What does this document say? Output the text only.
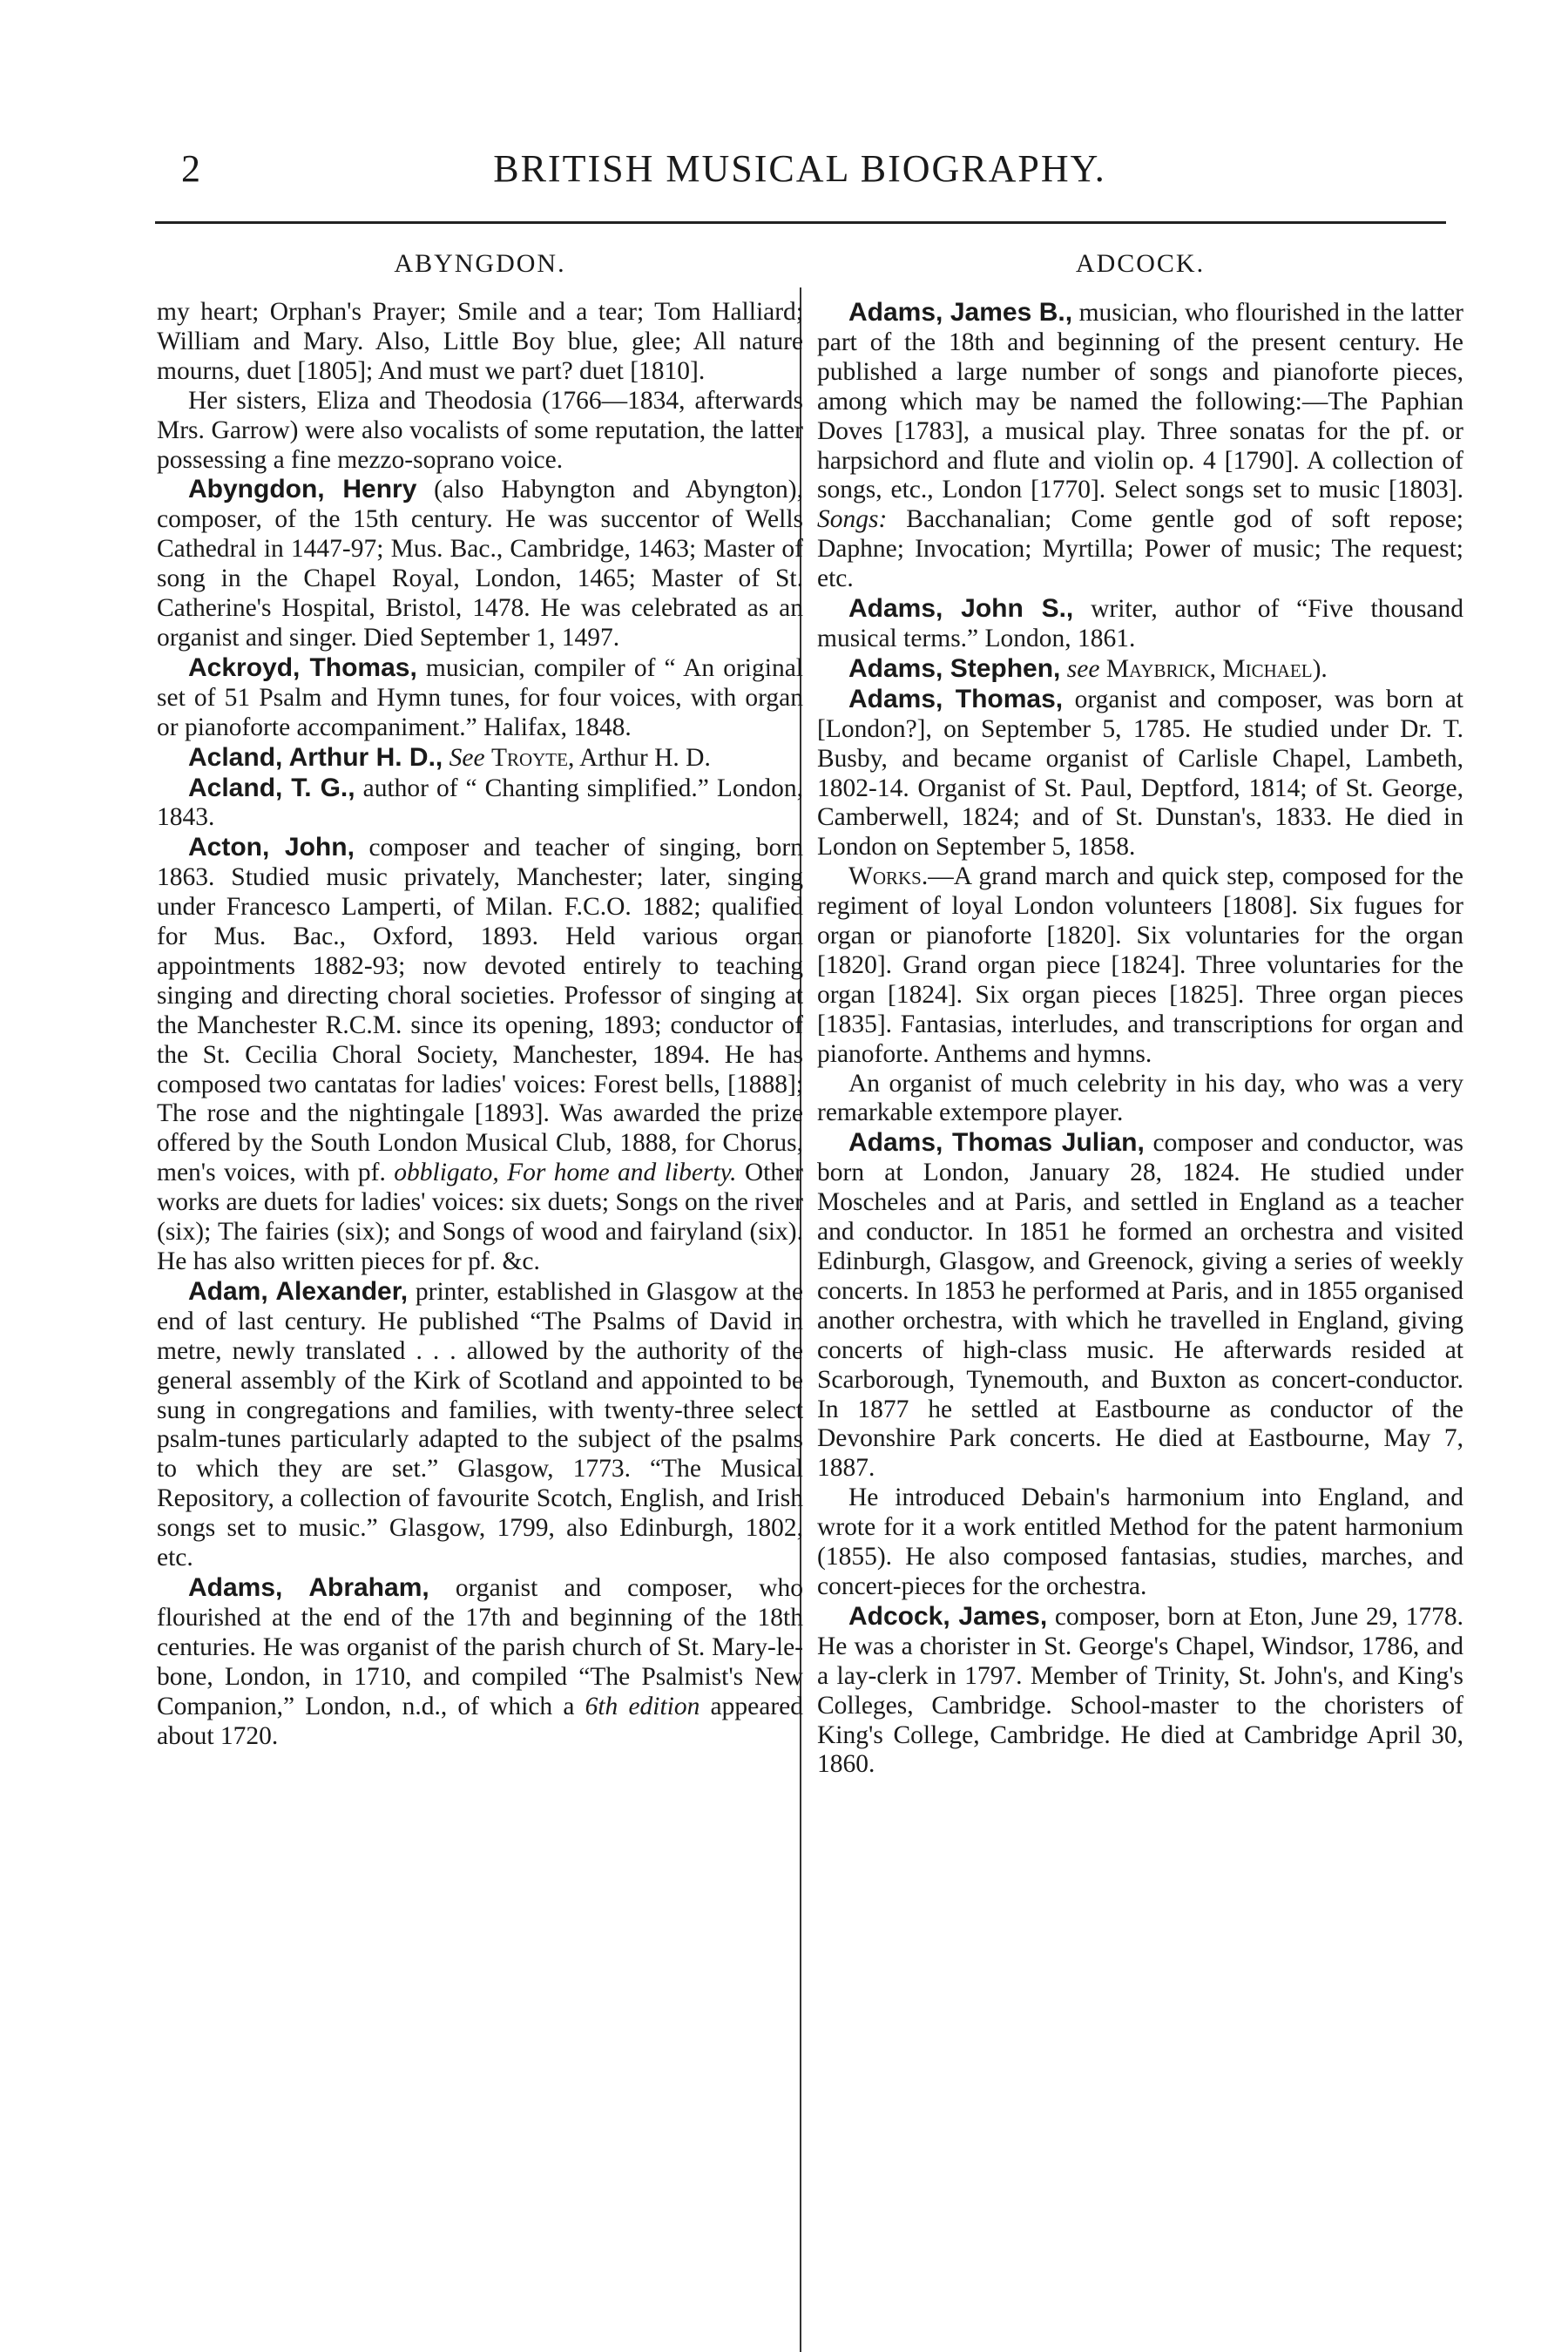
2	BRITISH MUSICAL BIOGRAPHY.
ABYNGDON.

my heart; Orphan's Prayer; Smile and a tear; Tom Halliard; William and Mary. Also, Little Boy blue, glee; All nature mourns, duet [1805]; And must we part? duet [1810].

Her sisters, Eliza and Theodosia (1766—1834, afterwards Mrs. Garrow) were also vocalists of some reputation, the latter possessing a fine mezzo-soprano voice.

Abyngdon, Henry (also Habyngton and Abyngton), composer, of the 15th century. He was succentor of Wells Cathedral in 1447-97; Mus. Bac., Cambridge, 1463; Master of song in the Chapel Royal, London, 1465; Master of St. Catherine's Hospital, Bristol, 1478. He was celebrated as an organist and singer. Died September 1, 1497.

Ackroyd, Thomas, musician, compiler of “ An original set of 51 Psalm and Hymn tunes, for four voices, with organ or pianoforte accompaniment.” Halifax, 1848.

Acland, Arthur H. D., See Troyte, Arthur H. D.

Acland, T. G., author of “ Chanting simplified.” London, 1843.

Acton, John, composer and teacher of singing, born 1863. Studied music privately, Manchester; later, singing under Francesco Lamperti, of Milan. F.C.O. 1882; qualified for Mus. Bac., Oxford, 1893. Held various organ appointments 1882-93; now devoted entirely to teaching singing and directing choral societies. Professor of singing at the Manchester R.C.M. since its opening, 1893; conductor of the St. Cecilia Choral Society, Manchester, 1894. He has composed two cantatas for ladies' voices: Forest bells, [1888]; The rose and the nightingale [1893]. Was awarded the prize offered by the South London Musical Club, 1888, for Chorus, men's voices, with pf. obbligato, For home and liberty. Other works are duets for ladies' voices: six duets; Songs on the river (six); The fairies (six); and Songs of wood and fairyland (six). He has also written pieces for pf. &c.

Adam, Alexander, printer, established in Glasgow at the end of last century. He published “The Psalms of David in metre, newly translated . . . allowed by the authority of the general assembly of the Kirk of Scotland and appointed to be sung in congregations and families, with twenty-three select psalm-tunes particularly adapted to the subject of the psalms to which they are set.” Glasgow, 1773. “The Musical Repository, a collection of favourite Scotch, English, and Irish songs set to music.” Glasgow, 1799, also Edinburgh, 1802, etc.

Adams, Abraham, organist and composer, who flourished at the end of the 17th and beginning of the 18th centuries. He was organist of the parish church of St. Mary-le-bone, London, in 1710, and compiled “The Psalmist's New Companion,” London, n.d., of which a 6th edition appeared about 1720.

ADCOCK.

Adams, James B., musician, who flourished in the latter part of the 18th and beginning of the present century. He published a large number of songs and pianoforte pieces, among which may be named the following:—The Paphian Doves [1783], a musical play. Three sonatas for the pf. or harpsichord and flute and violin op. 4 [1790]. A collection of songs, etc., London [1770]. Select songs set to music [1803]. Songs: Bacchanalian; Come gentle god of soft repose; Daphne; Invocation; Myrtilla; Power of music; The request; etc.

Adams, John S., writer, author of “Five thousand musical terms.” London, 1861.

Adams, Stephen, see Maybrick, Michael).

Adams, Thomas, organist and composer, was born at [London?], on September 5, 1785. He studied under Dr. T. Busby, and became organist of Carlisle Chapel, Lambeth, 1802-14. Organist of St. Paul, Deptford, 1814; of St. George, Camberwell, 1824; and of St. Dunstan's, 1833. He died in London on September 5, 1858.

Works.—A grand march and quick step, composed for the regiment of loyal London volunteers [1808]. Six fugues for organ or pianoforte [1820]. Six voluntaries for the organ [1820]. Grand organ piece [1824]. Three voluntaries for the organ [1824]. Six organ pieces [1825]. Three organ pieces [1835]. Fantasias, interludes, and transcriptions for organ and pianoforte. Anthems and hymns.

An organist of much celebrity in his day, who was a very remarkable extempore player.

Adams, Thomas Julian, composer and conductor, was born at London, January 28, 1824. He studied under Moscheles and at Paris, and settled in England as a teacher and conductor. In 1851 he formed an orchestra and visited Edinburgh, Glasgow, and Greenock, giving a series of weekly concerts. In 1853 he performed at Paris, and in 1855 organised another orchestra, with which he travelled in England, giving concerts of high-class music. He afterwards resided at Scarborough, Tynemouth, and Buxton as concert-conductor. In 1877 he settled at Eastbourne as conductor of the Devonshire Park concerts. He died at Eastbourne, May 7, 1887.

He introduced Debain's harmonium into England, and wrote for it a work entitled Method for the patent harmonium (1855). He also composed fantasias, studies, marches, and concert-pieces for the orchestra.

Adcock, James, composer, born at Eton, June 29, 1778. He was a chorister in St. George's Chapel, Windsor, 1786, and a lay-clerk in 1797. Member of Trinity, St. John's, and King's Colleges, Cambridge. School-master to the choristers of King's College, Cambridge. He died at Cambridge April 30, 1860.
